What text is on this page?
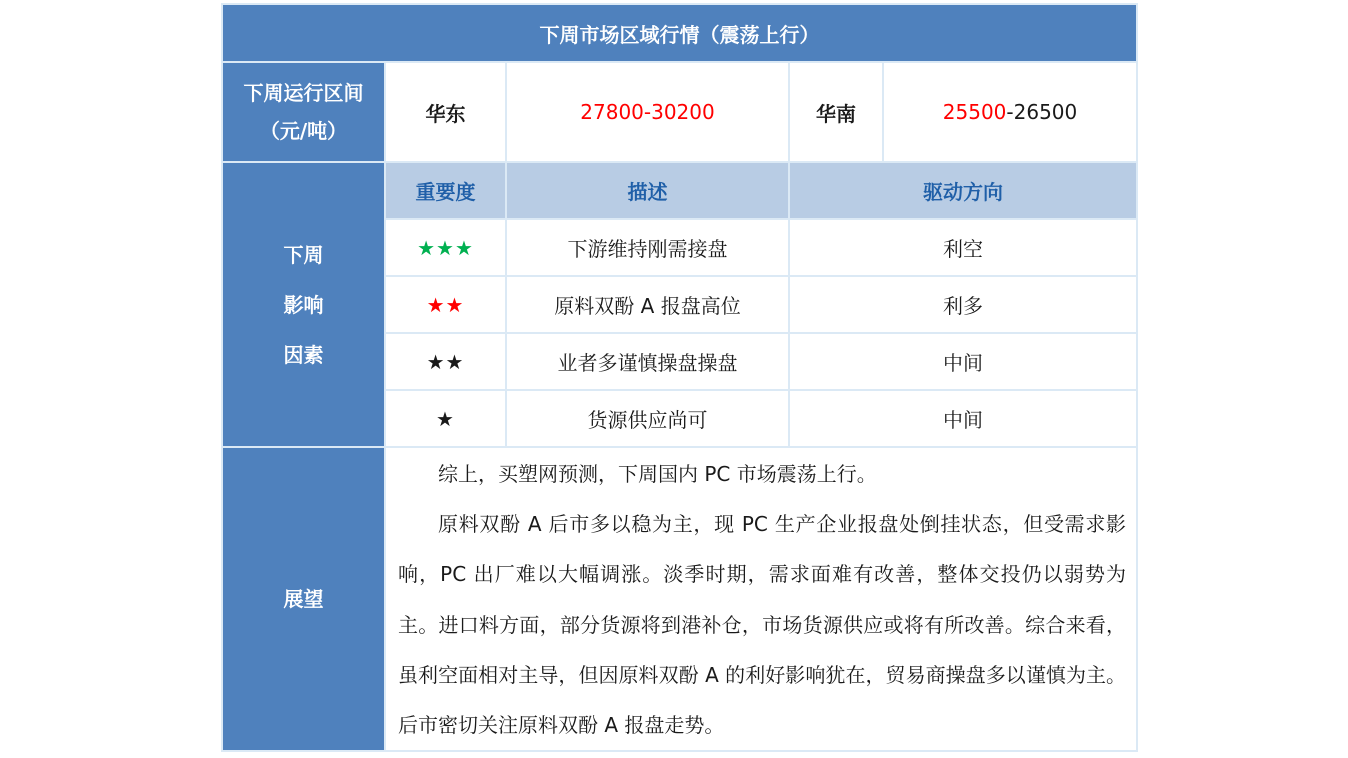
下周市场区域行情（震荡上行）				

下周运行区间
（元/吨）	华东	27800-30200	华南	25500-26500

下周
影响
因素	重要度	描述	驱动方向	
	★★★	下游维持刚需接盘	利空	
	★★	原料双酚 A 报盘高位	利多	
	★★	业者多谨慎操盘操盘	中间	
	★	货源供应尚可	中间	
展望	综上，买塑网预测，下周国内 PC 市场震荡上行。

原料双酚 A 后市多以稳为主，现 PC 生产企业报盘处倒挂状态，但受需求影响，PC 出厂难以大幅调涨。淡季时期，需求面难有改善，整体交投仍以弱势为主。进口料方面，部分货源将到港补仓，市场货源供应或将有所改善。综合来看，虽利空面相对主导，但因原料双酚 A 的利好影响犹在，贸易商操盘多以谨慎为主。后市密切关注原料双酚 A 报盘走势。			
